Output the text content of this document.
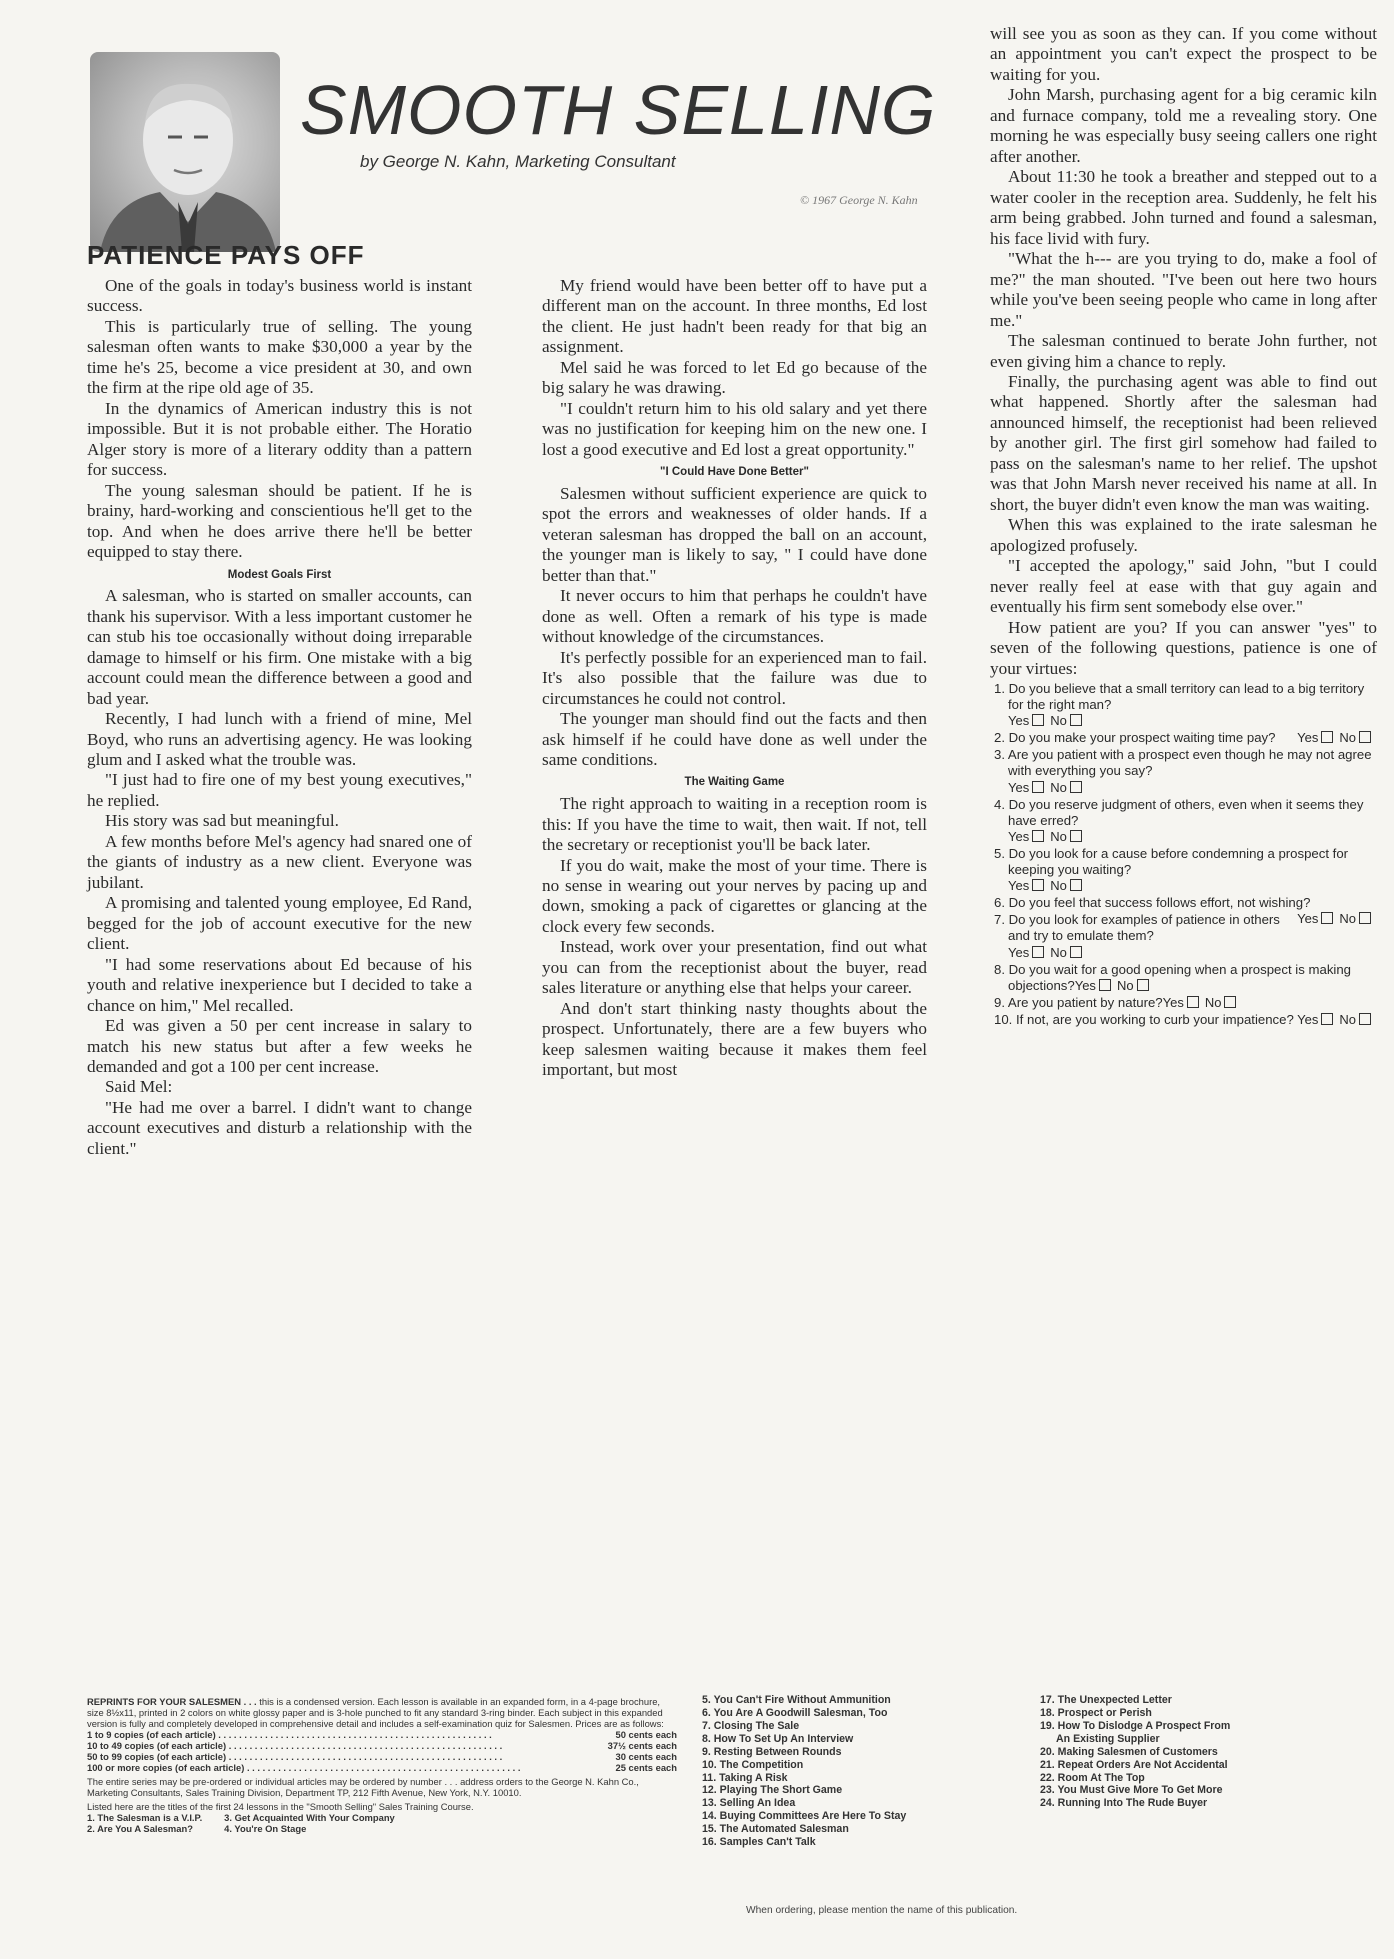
SMOOTH SELLING
by George N. Kahn, Marketing Consultant
© 1967 George N. Kahn
PATIENCE PAYS OFF

One of the goals in today's business world is instant success.

This is particularly true of selling. The young salesman often wants to make $30,000 a year by the time he's 25, become a vice president at 30, and own the firm at the ripe old age of 35.

In the dynamics of American industry this is not impossible. But it is not probable either. The Horatio Alger story is more of a literary oddity than a pattern for success.

The young salesman should be patient. If he is brainy, hard-working and conscientious he'll get to the top. And when he does arrive there he'll be better equipped to stay there.

Modest Goals First

A salesman, who is started on smaller accounts, can thank his supervisor. With a less important customer he can stub his toe occasionally without doing irreparable damage to himself or his firm. One mistake with a big account could mean the difference between a good and bad year.

Recently, I had lunch with a friend of mine, Mel Boyd, who runs an advertising agency. He was looking glum and I asked what the trouble was.

"I just had to fire one of my best young executives," he replied.

His story was sad but meaningful.

A few months before Mel's agency had snared one of the giants of industry as a new client. Everyone was jubilant.

A promising and talented young employee, Ed Rand, begged for the job of account executive for the new client.

"I had some reservations about Ed because of his youth and relative inexperience but I decided to take a chance on him," Mel recalled.

Ed was given a 50 per cent increase in salary to match his new status but after a few weeks he demanded and got a 100 per cent increase.

Said Mel:

"He had me over a barrel. I didn't want to change account executives and disturb a relationship with the client."

My friend would have been better off to have put a different man on the account. In three months, Ed lost the client. He just hadn't been ready for that big an assignment.

Mel said he was forced to let Ed go because of the big salary he was drawing.

"I couldn't return him to his old salary and yet there was no justification for keeping him on the new one. I lost a good executive and Ed lost a great opportunity."

"I Could Have Done Better"

Salesmen without sufficient experience are quick to spot the errors and weaknesses of older hands. If a veteran salesman has dropped the ball on an account, the younger man is likely to say, " I could have done better than that."

It never occurs to him that perhaps he couldn't have done as well. Often a remark of his type is made without knowledge of the circumstances.

It's perfectly possible for an experienced man to fail. It's also possible that the failure was due to circumstances he could not control.

The younger man should find out the facts and then ask himself if he could have done as well under the same conditions.

The Waiting Game

The right approach to waiting in a reception room is this: If you have the time to wait, then wait. If not, tell the secretary or receptionist you'll be back later.

If you do wait, make the most of your time. There is no sense in wearing out your nerves by pacing up and down, smoking a pack of cigarettes or glancing at the clock every few seconds.

Instead, work over your presentation, find out what you can from the receptionist about the buyer, read sales literature or anything else that helps your career.

And don't start thinking nasty thoughts about the prospect. Unfortunately, there are a few buyers who keep salesmen waiting because it makes them feel important, but most

will see you as soon as they can. If you come without an appointment you can't expect the prospect to be waiting for you.

John Marsh, purchasing agent for a big ceramic kiln and furnace company, told me a revealing story. One morning he was especially busy seeing callers one right after another.

About 11:30 he took a breather and stepped out to a water cooler in the reception area. Suddenly, he felt his arm being grabbed. John turned and found a salesman, his face livid with fury.

"What the h--- are you trying to do, make a fool of me?" the man shouted. "I've been out here two hours while you've been seeing people who came in long after me."

The salesman continued to berate John further, not even giving him a chance to reply.

Finally, the purchasing agent was able to find out what happened. Shortly after the salesman had announced himself, the receptionist had been relieved by another girl. The first girl somehow had failed to pass on the salesman's name to her relief. The upshot was that John Marsh never received his name at all. In short, the buyer didn't even know the man was waiting.

When this was explained to the irate salesman he apologized profusely.

"I accepted the apology," said John, "but I could never really feel at ease with that guy again and eventually his firm sent somebody else over."

How patient are you? If you can answer "yes" to seven of the following questions, patience is one of your virtues:

1. Do you believe that a small territory can lead to a big territory for the right man?
Yes No
2. Do you make your prospect waiting time pay? Yes No
3. Are you patient with a prospect even though he may not agree with everything you say?
Yes No
4. Do you reserve judgment of others, even when it seems they have erred?
Yes No
5. Do you look for a cause before condemning a prospect for keeping you waiting?
Yes No
6. Do you feel that success follows effort, not wishing?
Yes No
7. Do you look for examples of patience in others and try to emulate them?
Yes No
8. Do you wait for a good opening when a prospect is making objections?Yes No
9. Are you patient by nature?Yes No
10. If not, are you working to curb your impatience? Yes No
REPRINTS FOR YOUR SALESMEN . . . this is a condensed version. Each lesson is available in an expanded form, in a 4-page brochure, size 8½x11, printed in 2 colors on white glossy paper and is 3-hole punched to fit any standard 3-ring binder. Each subject in this expanded version is fully and completely developed in comprehensive detail and includes a self-examination quiz for Salesmen. Prices are as follows:
1 to 9 copies (of each article) . . .	50 cents each
10 to 49 copies (of each article) . . .	37½ cents each
50 to 99 copies (of each article) . . .	30 cents each
100 or more copies (of each article) . . .	25 cents each
The entire series may be pre-ordered or individual articles may be ordered by number . . . address orders to the George N. Kahn Co., Marketing Consultants, Sales Training Division, Department TP, 212 Fifth Avenue, New York, N.Y. 10010.
Listed here are the titles of the first 24 lessons in the "Smooth Selling" Sales Training Course.
1. The Salesman is a V.I.P.
2. Are You A Salesman?
3. Get Acquainted With Your Company
4. You're On Stage
5. You Can't Fire Without Ammunition
6. You Are A Goodwill Salesman, Too
7. Closing The Sale
8. How To Set Up An Interview
9. Resting Between Rounds
10. The Competition
11. Taking A Risk
12. Playing The Short Game
13. Selling An Idea
14. Buying Committees Are Here To Stay
15. The Automated Salesman
16. Samples Can't Talk
17. The Unexpected Letter
18. Prospect or Perish
19. How To Dislodge A Prospect From An Existing Supplier
20. Making Salesmen of Customers
21. Repeat Orders Are Not Accidental
22. Room At The Top
23. You Must Give More To Get More
24. Running Into The Rude Buyer
When ordering, please mention the name of this publication.
